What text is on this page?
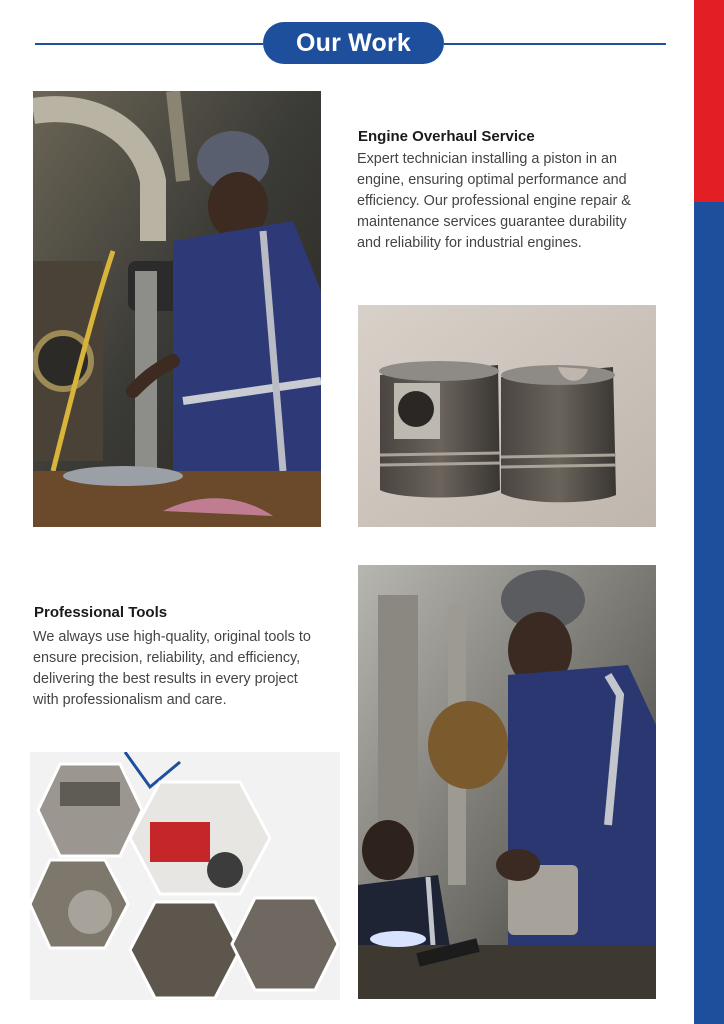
Our Work
Engine Overhaul Service
Expert technician installing a piston in an
engine, ensuring optimal performance and
efficiency. Our professional engine repair &
maintenance services guarantee durability
and reliability for industrial engines.
Professional Tools
We always use high-quality, original tools to
ensure precision, reliability, and efficiency,
delivering the best results in every project
with professionalism and care.
